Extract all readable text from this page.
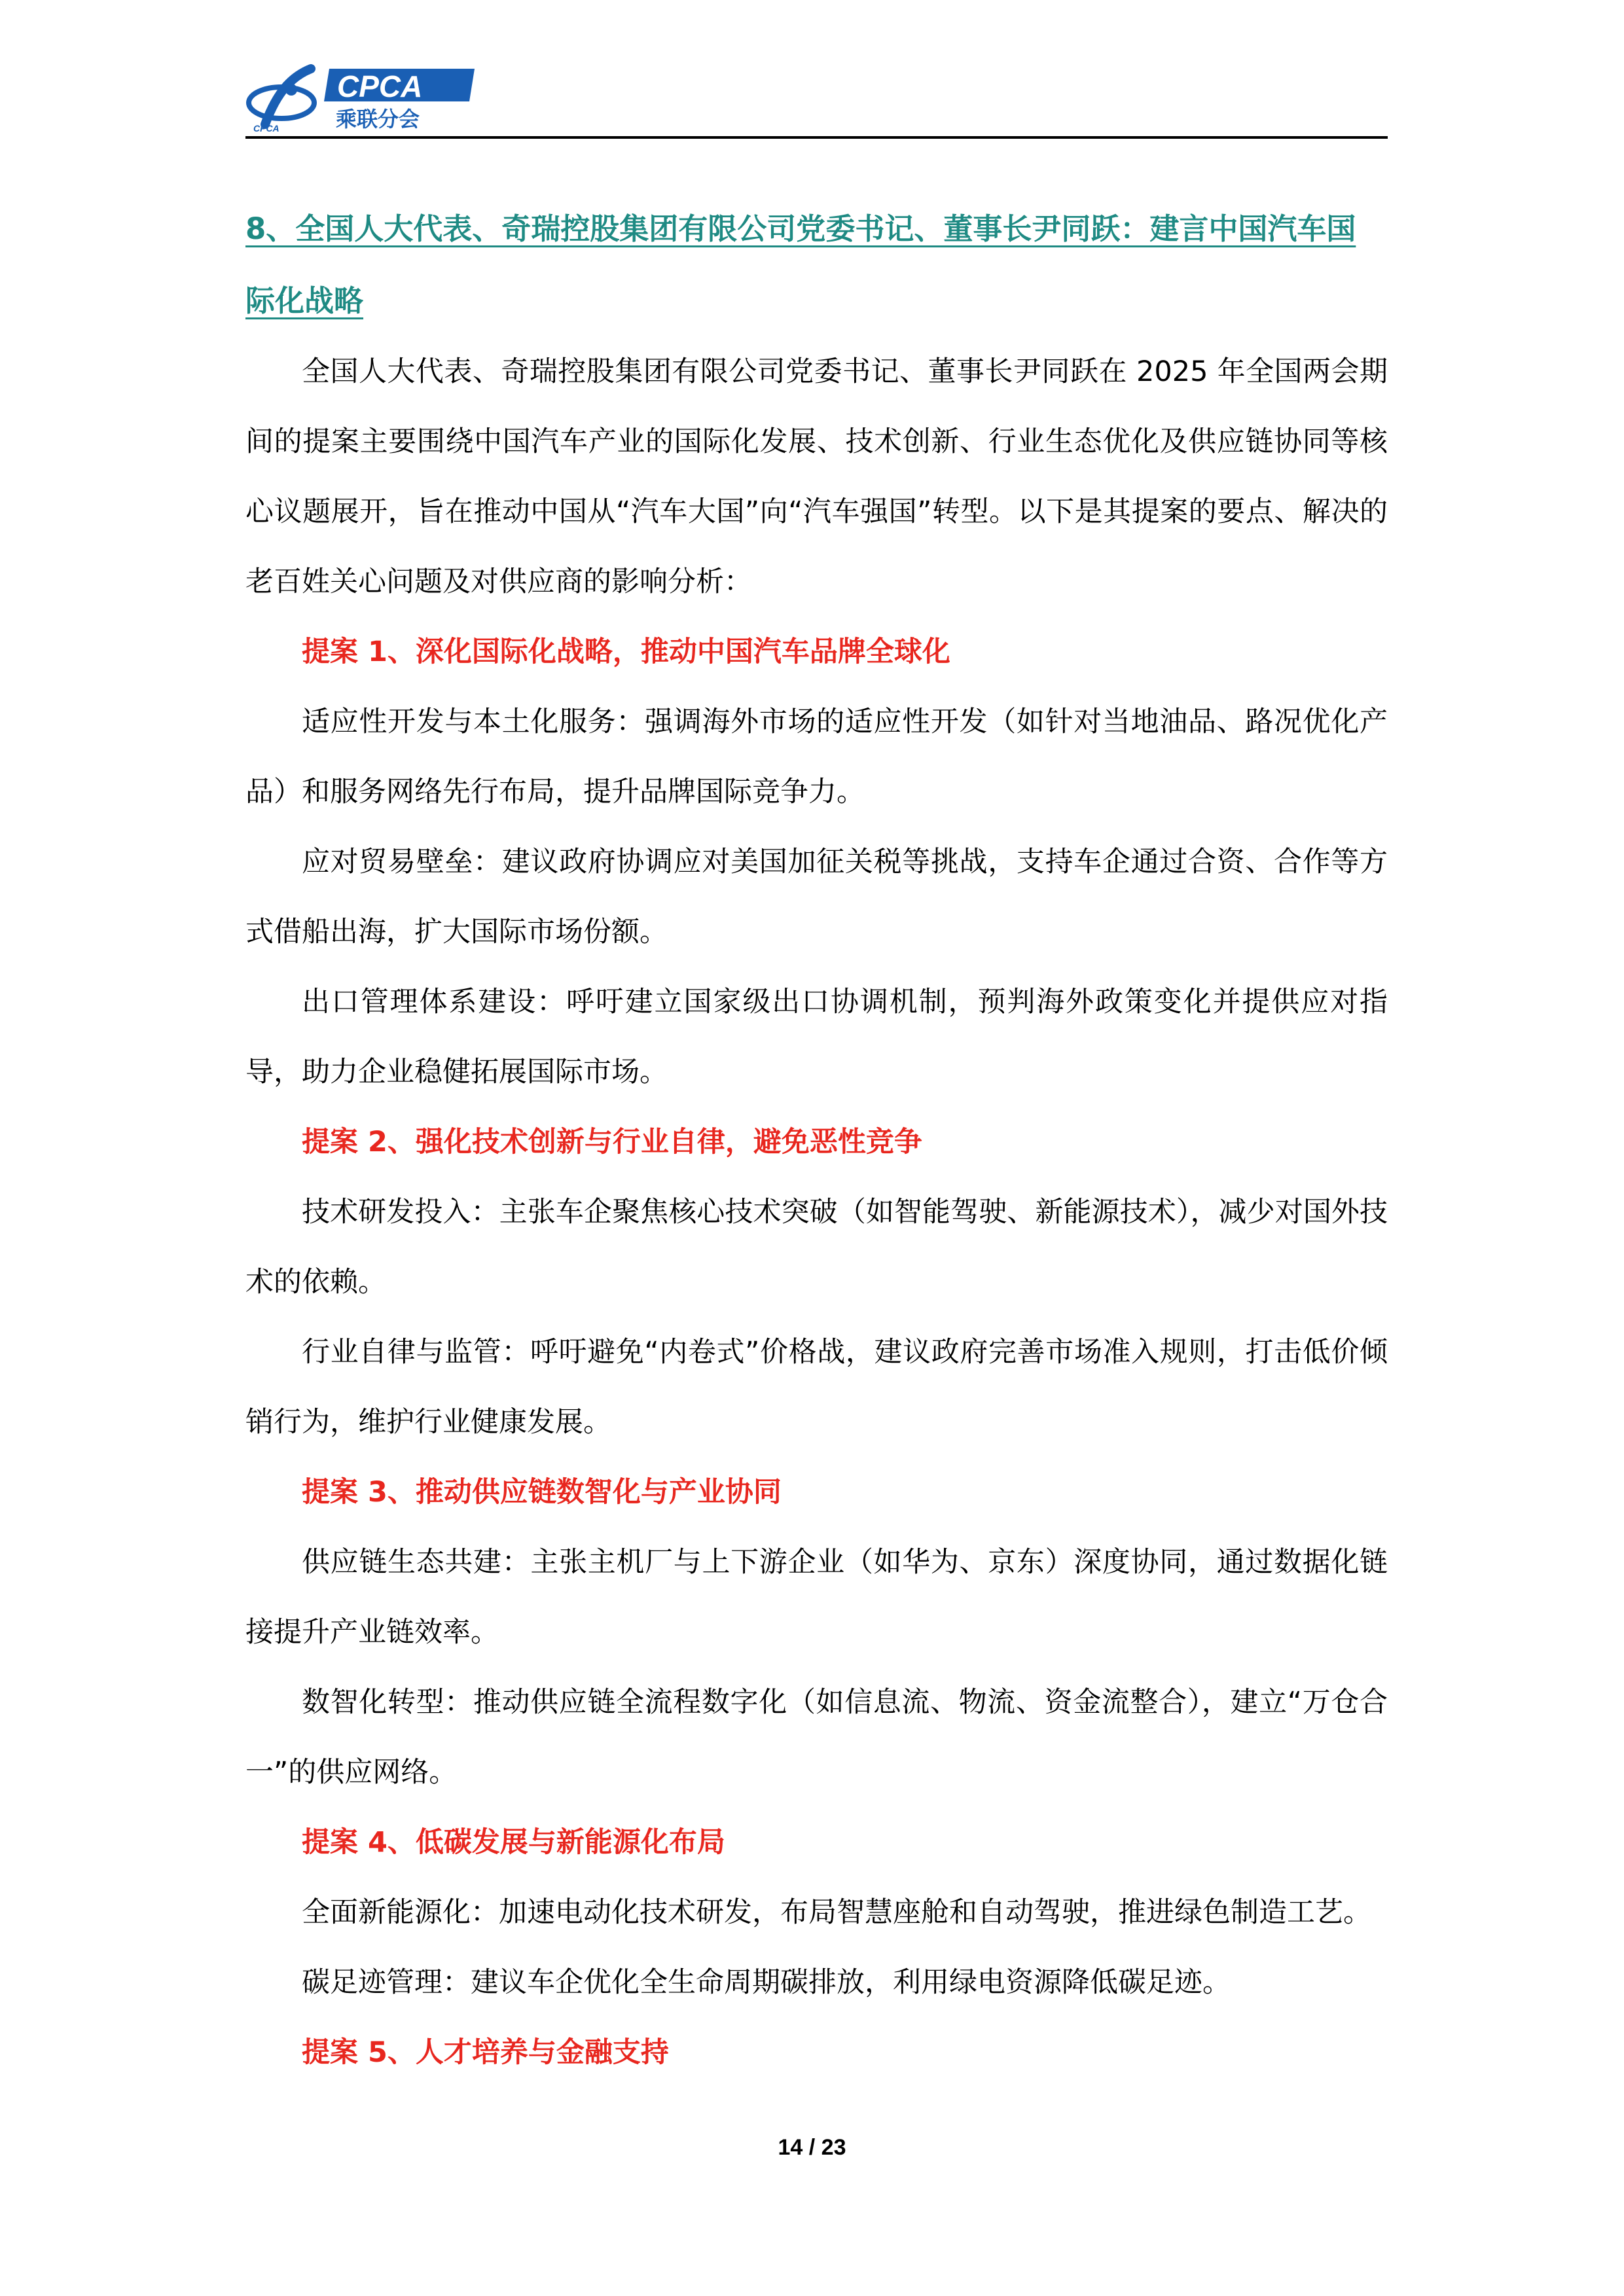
CPCA
CPCA
乘联分会

8、全国人大代表、奇瑞控股集团有限公司党委书记、董事长尹同跃：建言中国汽车国
际化战略

全国人大代表、奇瑞控股集团有限公司党委书记、董事长尹同跃在 2025 年全国两会期间的提案主要围绕中国汽车产业的国际化发展、技术创新、行业生态优化及供应链协同等核心议题展开，旨在推动中国从“汽车大国”向“汽车强国”转型。以下是其提案的要点、解决的老百姓关心问题及对供应商的影响分析：

提案 1、深化国际化战略，推动中国汽车品牌全球化

适应性开发与本土化服务：强调海外市场的适应性开发（如针对当地油品、路况优化产品）和服务网络先行布局，提升品牌国际竞争力。

应对贸易壁垒：建议政府协调应对美国加征关税等挑战，支持车企通过合资、合作等方式借船出海，扩大国际市场份额。

出口管理体系建设：呼吁建立国家级出口协调机制，预判海外政策变化并提供应对指导，助力企业稳健拓展国际市场。

提案 2、强化技术创新与行业自律，避免恶性竞争

技术研发投入：主张车企聚焦核心技术突破（如智能驾驶、新能源技术），减少对国外技术的依赖。

行业自律与监管：呼吁避免“内卷式”价格战，建议政府完善市场准入规则，打击低价倾销行为，维护行业健康发展。

提案 3、推动供应链数智化与产业协同

供应链生态共建：主张主机厂与上下游企业（如华为、京东）深度协同，通过数据化链接提升产业链效率。

数智化转型：推动供应链全流程数字化（如信息流、物流、资金流整合），建立“万仓合一”的供应网络。

提案 4、低碳发展与新能源化布局

全面新能源化：加速电动化技术研发，布局智慧座舱和自动驾驶，推进绿色制造工艺。

碳足迹管理：建议车企优化全生命周期碳排放，利用绿电资源降低碳足迹。

提案 5、人才培养与金融支持

14 / 23
